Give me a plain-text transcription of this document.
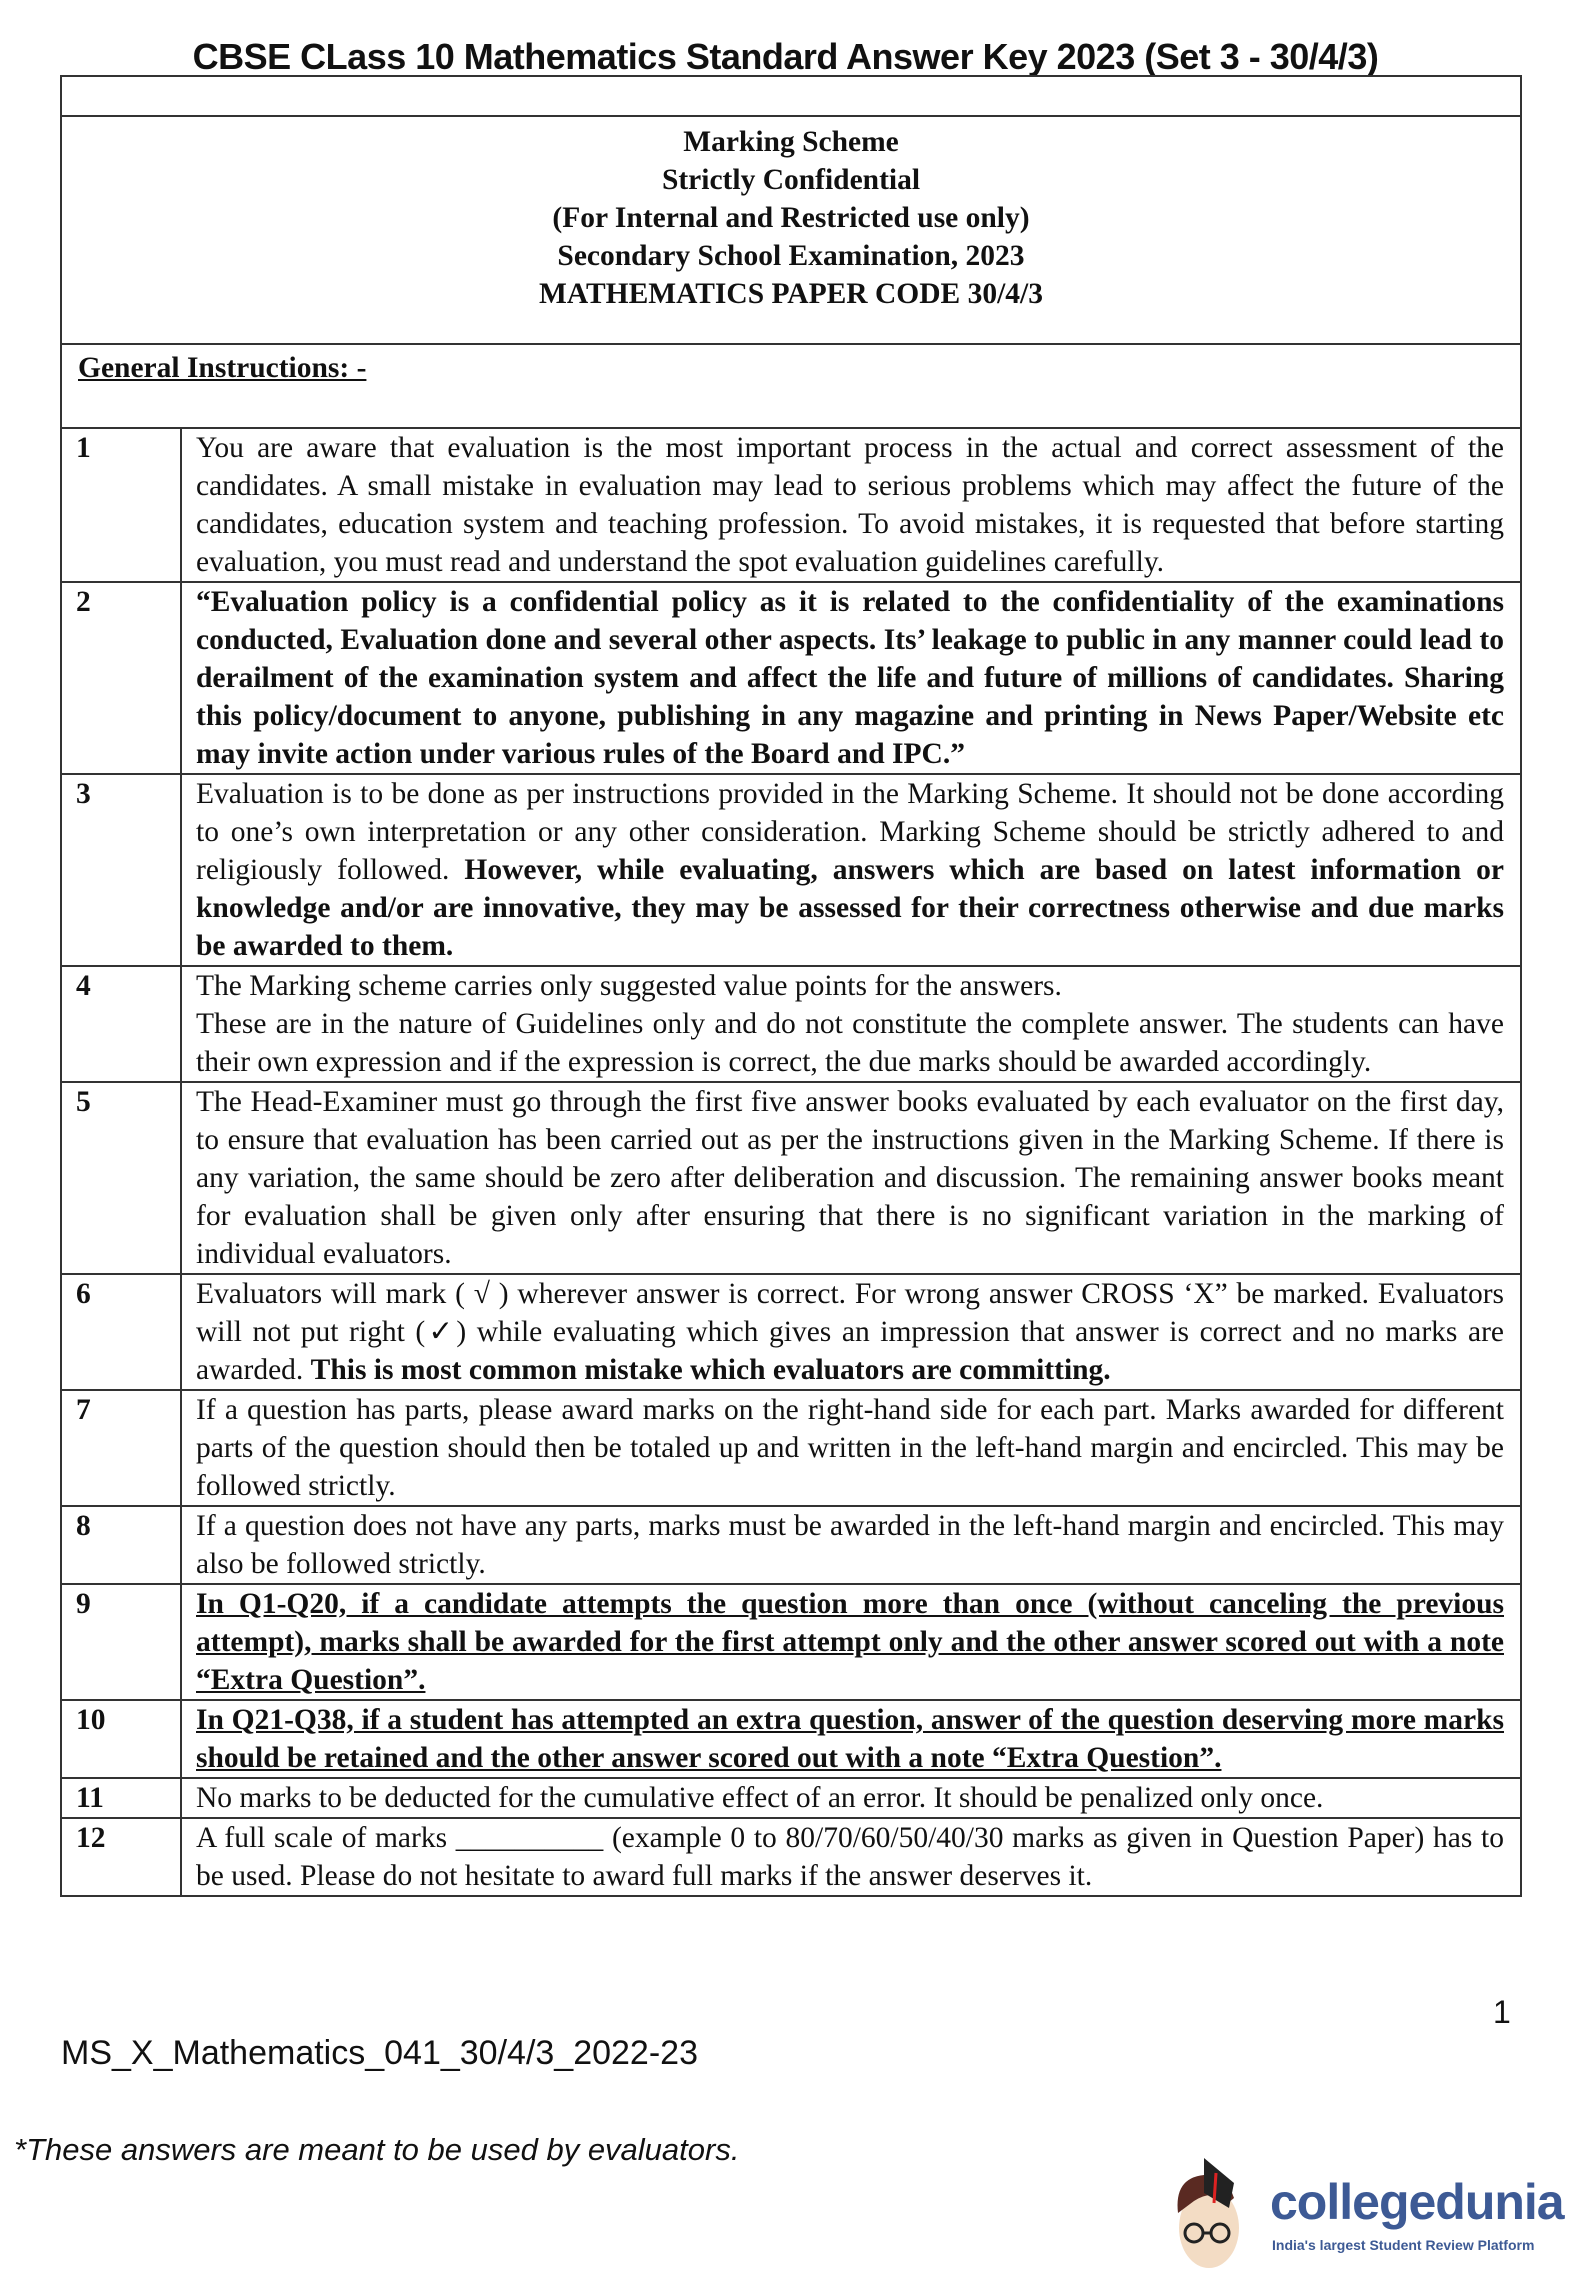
CBSE CLass 10 Mathematics Standard Answer Key 2023 (Set 3 - 30/4/3)

Marking Scheme
Strictly Confidential
(For Internal and Restricted use only)
Secondary School Examination, 2023
MATHEMATICS PAPER CODE 30/4/3	

General Instructions: -	
1	You are aware that evaluation is the most important process in the actual and correct assessment of the candidates. A small mistake in evaluation may lead to serious problems which may affect the future of the candidates, education system and teaching profession. To avoid mistakes, it is requested that before starting evaluation, you must read and understand the spot evaluation guidelines carefully.
2	“Evaluation policy is a confidential policy as it is related to the confidentiality of the examinations conducted, Evaluation done and several other aspects. Its’ leakage to public in any manner could lead to derailment of the examination system and affect the life and future of millions of candidates. Sharing this policy/document to anyone, publishing in any magazine and printing in News Paper/Website etc may invite action under various rules of the Board and IPC.”
3	Evaluation is to be done as per instructions provided in the Marking Scheme. It should not be done according to one’s own interpretation or any other consideration. Marking Scheme should be strictly adhered to and religiously followed. However, while evaluating, answers which are based on latest information or knowledge and/or are innovative, they may be assessed for their correctness otherwise and due marks be awarded to them.
4	The Marking scheme carries only suggested value points for the answers.
These are in the nature of Guidelines only and do not constitute the complete answer. The students can have their own expression and if the expression is correct, the due marks should be awarded accordingly.
5	The Head-Examiner must go through the first five answer books evaluated by each evaluator on the first day, to ensure that evaluation has been carried out as per the instructions given in the Marking Scheme. If there is any variation, the same should be zero after deliberation and discussion. The remaining answer books meant for evaluation shall be given only after ensuring that there is no significant variation in the marking of individual evaluators.
6	Evaluators will mark ( √ ) wherever answer is correct. For wrong answer CROSS ‘X” be marked. Evaluators will not put right (✓) while evaluating which gives an impression that answer is correct and no marks are awarded. This is most common mistake which evaluators are committing.
7	If a question has parts, please award marks on the right-hand side for each part. Marks awarded for different parts of the question should then be totaled up and written in the left-hand margin and encircled. This may be followed strictly.
8	If a question does not have any parts, marks must be awarded in the left-hand margin and encircled. This may also be followed strictly.
9	In Q1-Q20, if a candidate attempts the question more than once (without canceling the previous attempt), marks shall be awarded for the first attempt only and the other answer scored out with a note “Extra Question”.
10	In Q21-Q38, if a student has attempted an extra question, answer of the question deserving more marks should be retained and the other answer scored out with a note “Extra Question”.
11	No marks to be deducted for the cumulative effect of an error. It should be penalized only once.
12	A full scale of marks __________ (example 0 to 80/70/60/50/40/30 marks as given in Question Paper) has to be used. Please do not hesitate to award full marks if the answer deserves it.
1
MS_X_Mathematics_041_30/4/3_2022-23
*These answers are meant to be used by evaluators.
collegedunia
India's largest Student Review Platform
